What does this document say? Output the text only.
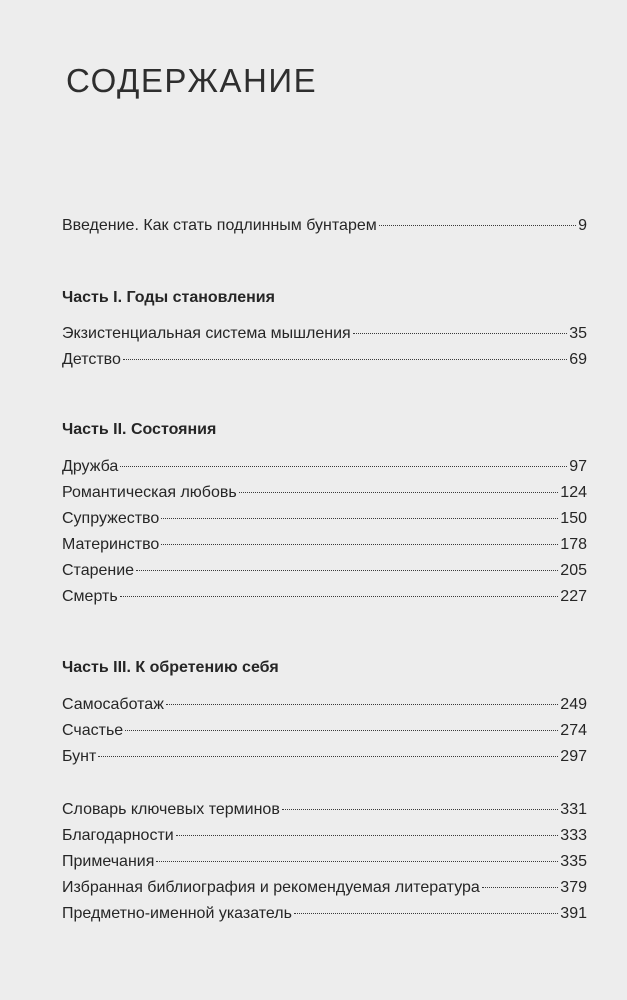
СОДЕРЖАНИЕ
Введение. Как стать подлинным бунтарем	9
Часть I. Годы становления
Экзистенциальная система мышления	35
Детство	69
Часть II. Состояния
Дружба	97
Романтическая любовь	124
Супружество	150
Материнство	178
Старение	205
Смерть	227
Часть III. К обретению себя
Самосаботаж	249
Счастье	274
Бунт	297
Словарь ключевых терминов	331
Благодарности	333
Примечания	335
Избранная библиография и рекомендуемая литература	379
Предметно-именной указатель	391
